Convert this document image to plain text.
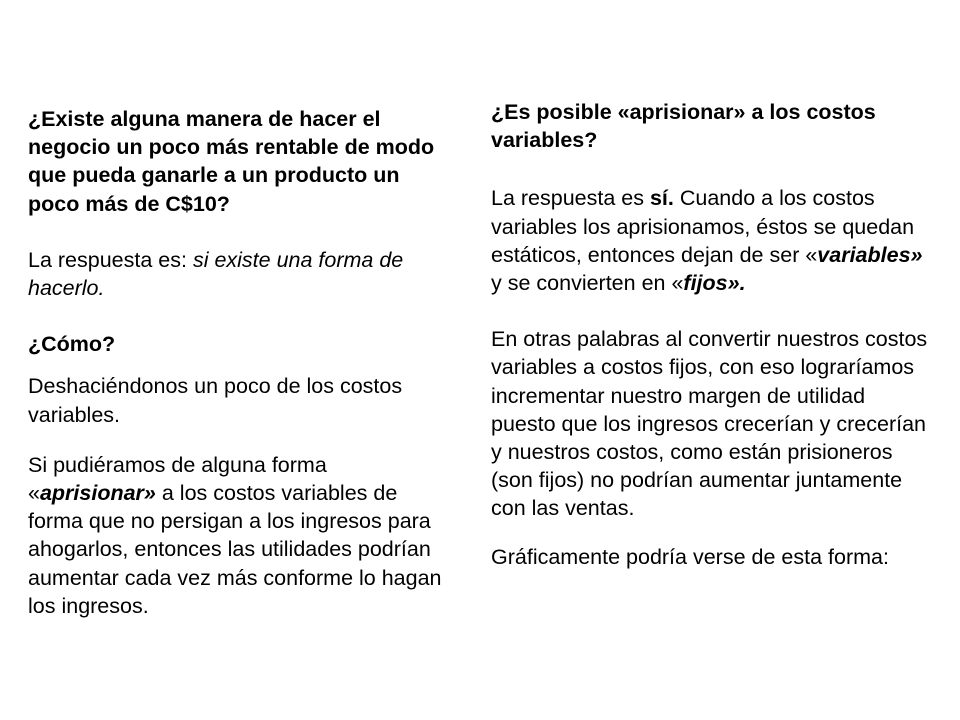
¿Existe alguna manera de hacer el negocio un poco más rentable de modo que pueda ganarle a un producto un poco más de C$10?

La respuesta es: si existe una forma de hacerlo.

¿Cómo?

Deshaciéndonos un poco de los costos variables.

Si pudiéramos de alguna forma «aprisionar» a los costos variables de forma que no persigan a los ingresos para ahogarlos, entonces las utilidades podrían aumentar cada vez más conforme lo hagan los ingresos.

¿Es posible «aprisionar» a los costos variables?

La respuesta es sí. Cuando a los costos variables los aprisionamos, éstos se quedan estáticos, entonces dejan de ser «variables» y se convierten en «fijos».

En otras palabras al convertir nuestros costos variables a costos fijos, con eso lograríamos incrementar nuestro margen de utilidad puesto que los ingresos crecerían y crecerían y nuestros costos, como están prisioneros (son fijos) no podrían aumentar juntamente con las ventas.

Gráficamente podría verse de esta forma:
